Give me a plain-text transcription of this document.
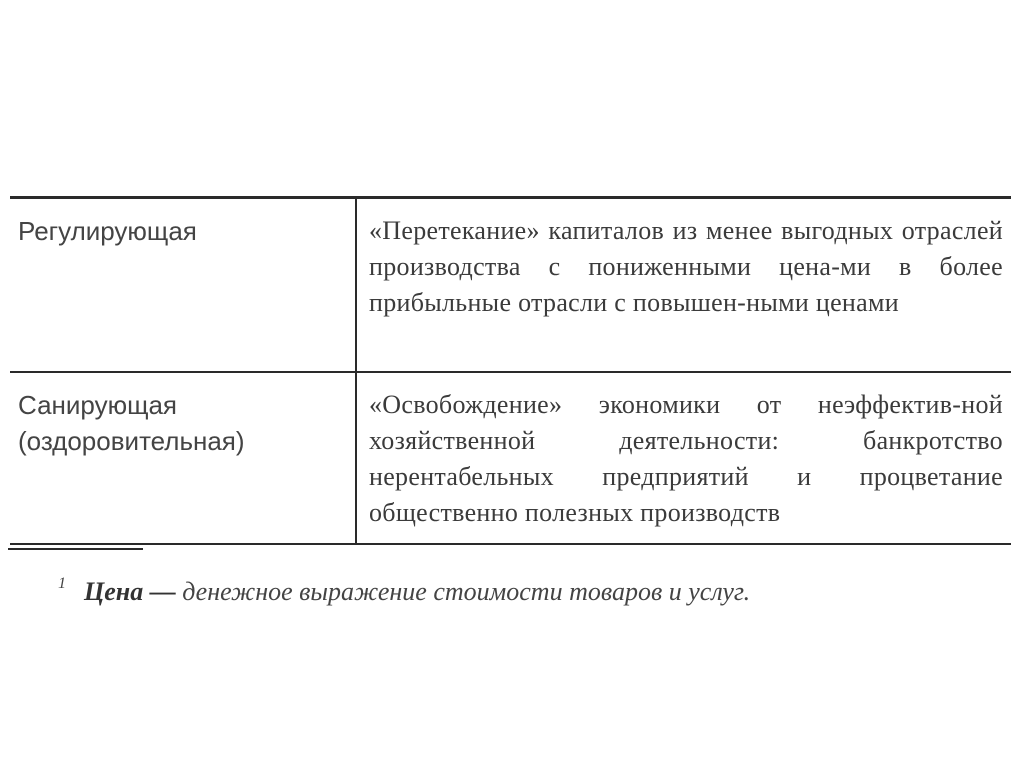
Регулирующая	«Перетекание» капиталов из менее выгодных отраслей производства с пониженными цена-ми в более прибыльные отрасли с повышен-ными ценами
Санирующая (оздоровительная)
«Освобождение» экономики от неэффектив-ной хозяйственной деятельности: банкротство нерентабельных предприятий и процветание общественно полезных производств
$^1$ Цена — денежное выражение стоимости товаров и услуг.
